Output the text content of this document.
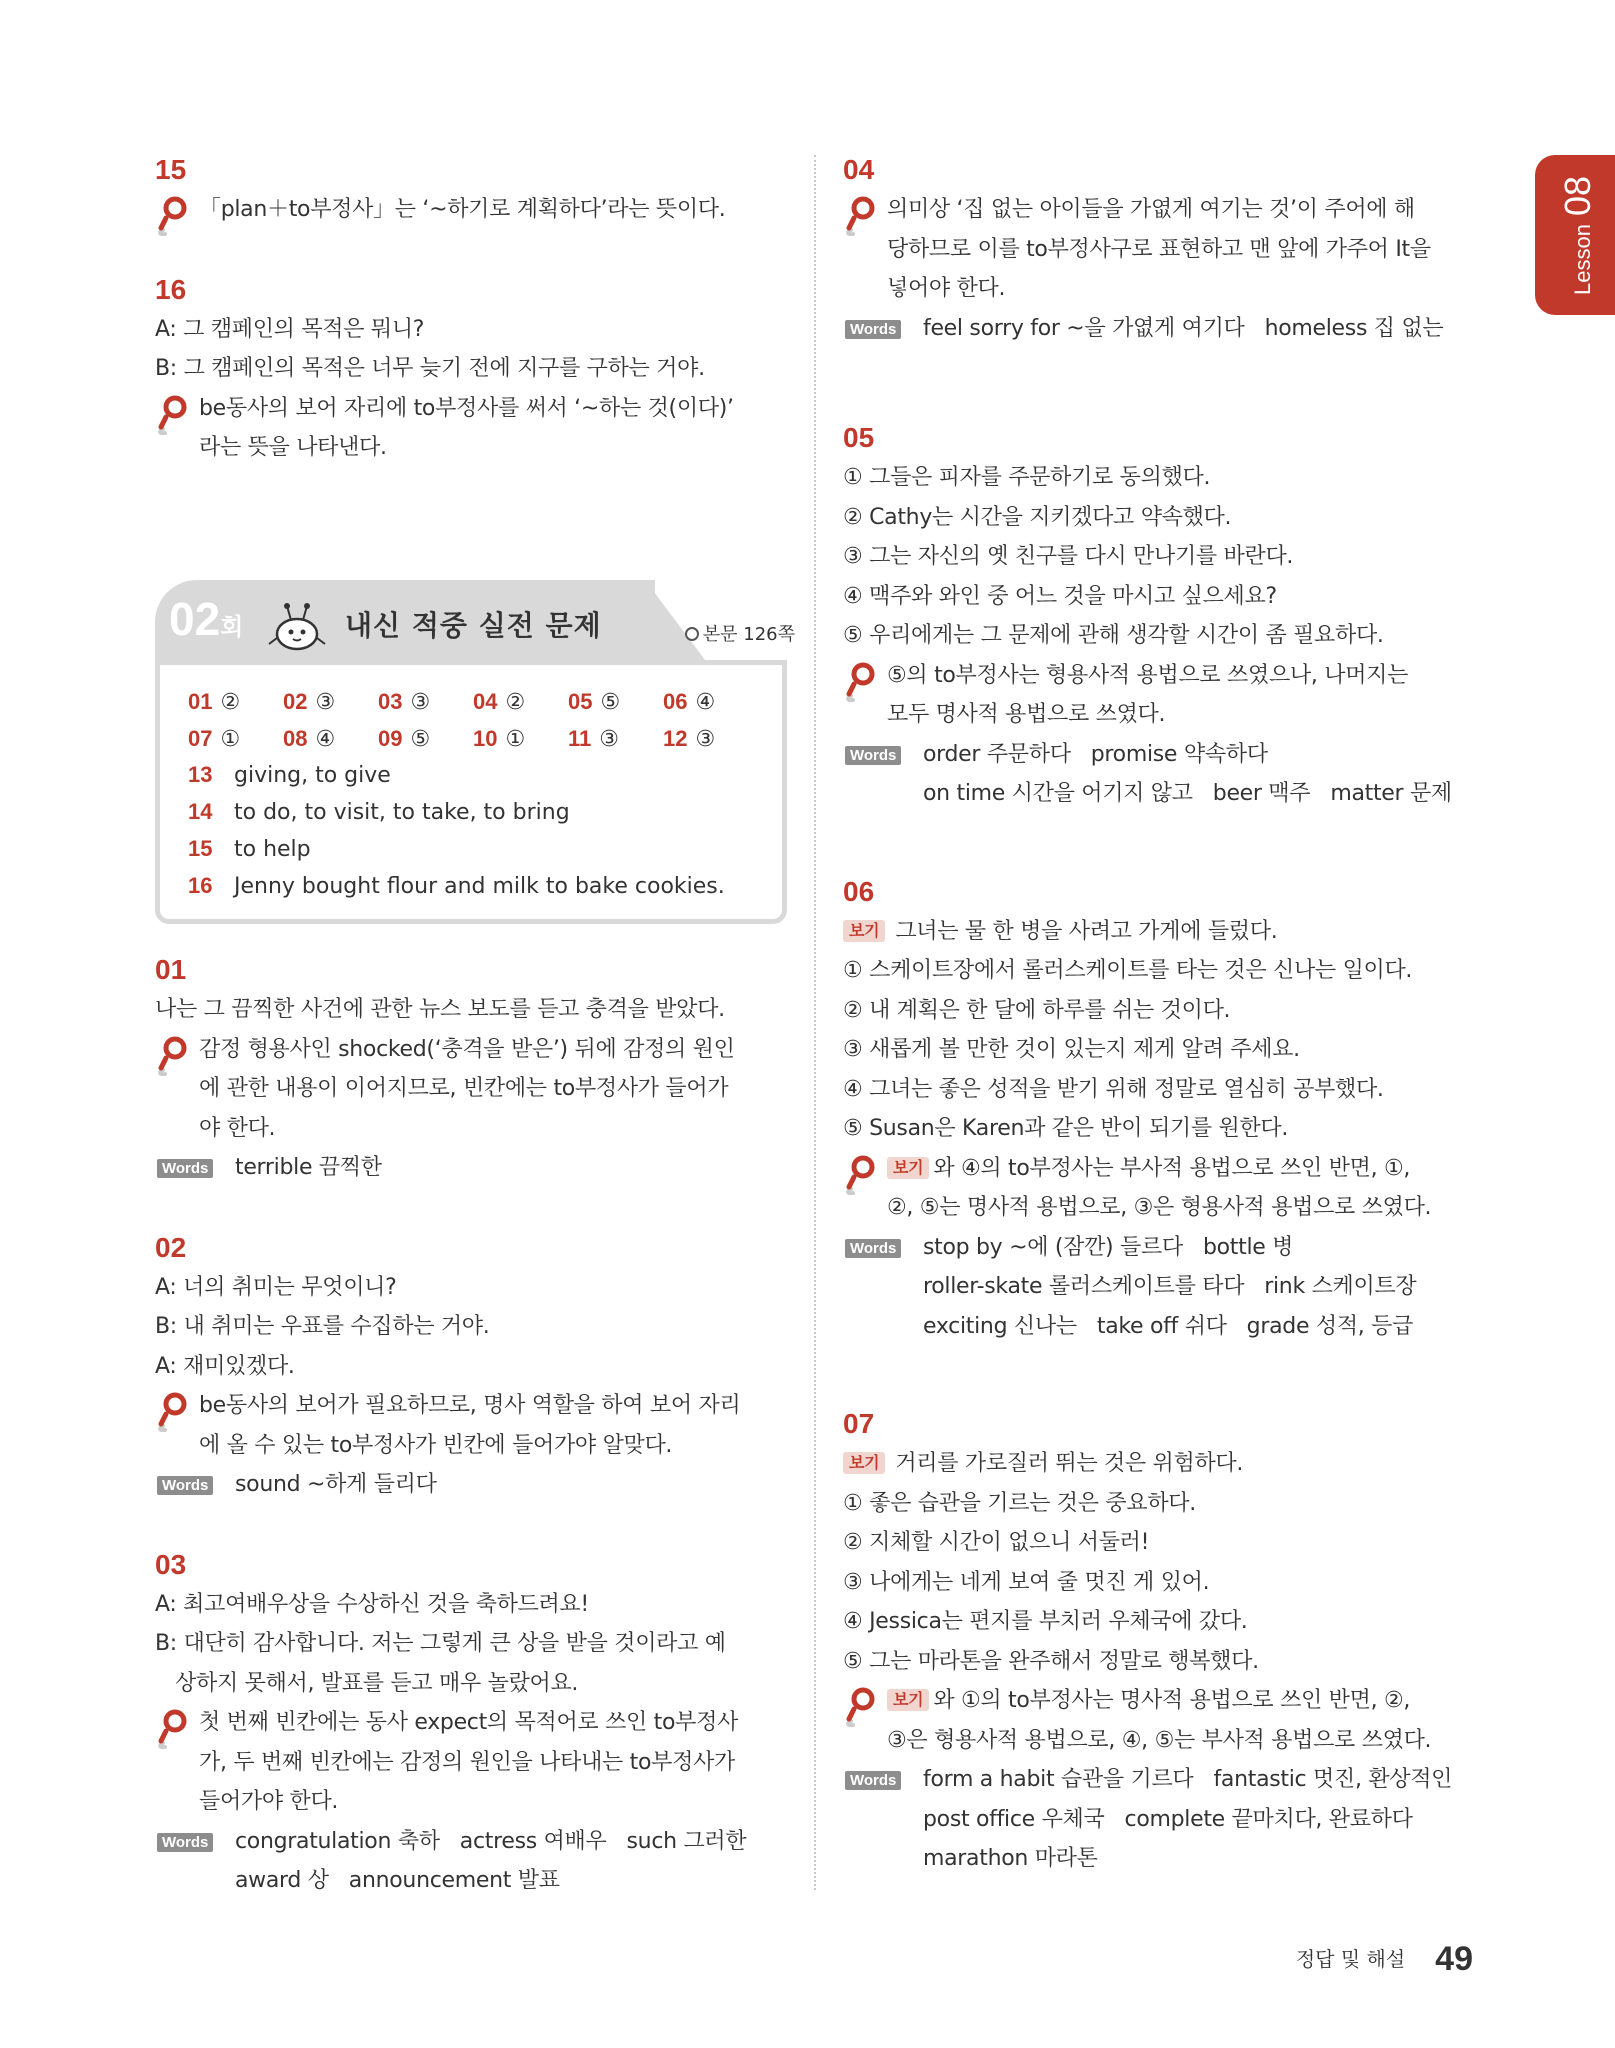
Lesson08
15
「plan＋to부정사」는 ‘~하기로 계획하다’라는 뜻이다.
16
A: 그 캠페인의 목적은 뭐니?
B: 그 캠페인의 목적은 너무 늦기 전에 지구를 구하는 거야.
be동사의 보어 자리에 to부정사를 써서 ‘~하는 것(이다)’
라는 뜻을 나타낸다.
02회	내신 적중 실전 문제	본문 126쪽
01 ②	02 ③	03 ③	04 ②	05 ⑤	06 ④
07 ①	08 ④	09 ⑤	10 ①	11 ③	12 ③
13 giving, to give
14 to do, to visit, to take, to bring
15 to help
16 Jenny bought flour and milk to bake cookies.
01
나는 그 끔찍한 사건에 관한 뉴스 보도를 듣고 충격을 받았다.
감정 형용사인 shocked(‘충격을 받은’) 뒤에 감정의 원인
에 관한 내용이 이어지므로, 빈칸에는 to부정사가 들어가
야 한다.
Words terrible 끔찍한
02
A: 너의 취미는 무엇이니?
B: 내 취미는 우표를 수집하는 거야.
A: 재미있겠다.
be동사의 보어가 필요하므로, 명사 역할을 하여 보어 자리
에 올 수 있는 to부정사가 빈칸에 들어가야 알맞다.
Words sound ~하게 들리다
03
A: 최고여배우상을 수상하신 것을 축하드려요!
B: 대단히 감사합니다. 저는 그렇게 큰 상을 받을 것이라고 예
상하지 못해서, 발표를 듣고 매우 놀랐어요.
첫 번째 빈칸에는 동사 expect의 목적어로 쓰인 to부정사
가, 두 번째 빈칸에는 감정의 원인을 나타내는 to부정사가
들어가야 한다.
Words congratulation 축하   actress 여배우   such 그러한
award 상   announcement 발표
04
의미상 ‘집 없는 아이들을 가엾게 여기는 것’이 주어에 해
당하므로 이를 to부정사구로 표현하고 맨 앞에 가주어 It을
넣어야 한다.
Words feel sorry for ~을 가엾게 여기다   homeless 집 없는
05
① 그들은 피자를 주문하기로 동의했다.
② Cathy는 시간을 지키겠다고 약속했다.
③ 그는 자신의 옛 친구를 다시 만나기를 바란다.
④ 맥주와 와인 중 어느 것을 마시고 싶으세요?
⑤ 우리에게는 그 문제에 관해 생각할 시간이 좀 필요하다.
⑤의 to부정사는 형용사적 용법으로 쓰였으나, 나머지는
모두 명사적 용법으로 쓰였다.
Words order 주문하다   promise 약속하다
on time 시간을 어기지 않고   beer 맥주   matter 문제
06
보기 그녀는 물 한 병을 사려고 가게에 들렀다.
① 스케이트장에서 롤러스케이트를 타는 것은 신나는 일이다.
② 내 계획은 한 달에 하루를 쉬는 것이다.
③ 새롭게 볼 만한 것이 있는지 제게 알려 주세요.
④ 그녀는 좋은 성적을 받기 위해 정말로 열심히 공부했다.
⑤ Susan은 Karen과 같은 반이 되기를 원한다.
보기 와 ④의 to부정사는 부사적 용법으로 쓰인 반면, ①,
②, ⑤는 명사적 용법으로, ③은 형용사적 용법으로 쓰였다.
Words stop by ~에 (잠깐) 들르다   bottle 병
roller-skate 롤러스케이트를 타다   rink 스케이트장
exciting 신나는   take off 쉬다   grade 성적, 등급
07
보기 거리를 가로질러 뛰는 것은 위험하다.
① 좋은 습관을 기르는 것은 중요하다.
② 지체할 시간이 없으니 서둘러!
③ 나에게는 네게 보여 줄 멋진 게 있어.
④ Jessica는 편지를 부치러 우체국에 갔다.
⑤ 그는 마라톤을 완주해서 정말로 행복했다.
보기 와 ①의 to부정사는 명사적 용법으로 쓰인 반면, ②,
③은 형용사적 용법으로, ④, ⑤는 부사적 용법으로 쓰였다.
Words form a habit 습관을 기르다   fantastic 멋진, 환상적인
post office 우체국   complete 끝마치다, 완료하다
marathon 마라톤
정답 및 해설 49
